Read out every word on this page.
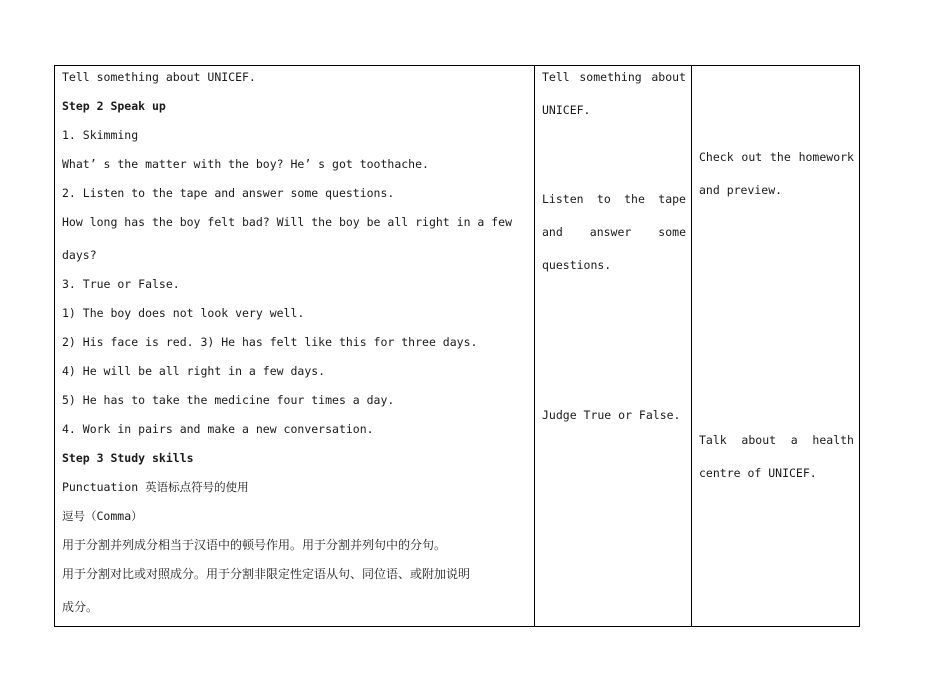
Tell something about UNICEF.
Step 2 Speak up
1. Skimming
What’ s the matter with the boy? He’ s got toothache.
2. Listen to the tape and answer some questions.
How long has the boy felt bad? Will the boy be all right in a few
days?
3. True or False.
1) The boy does not look very well.
2) His face is red. 3) He has felt like this for three days.
4) He will be all right in a few days.
5) He has to take the medicine four times a day.
4. Work in pairs and make a new conversation.
Step 3 Study skills
Punctuation 英语标点符号的使用
逗号（Comma）
用于分割并列成分相当于汉语中的顿号作用。用于分割并列句中的分句。
用于分割对比或对照成分。用于分割非限定性定语从句、同位语、或附加说明
成分。
Tell something about
UNICEF.
Listen to the tape
and answer some
questions.
Judge True or False.
Check out the homework
and preview.
Talk about a health
centre of UNICEF.
